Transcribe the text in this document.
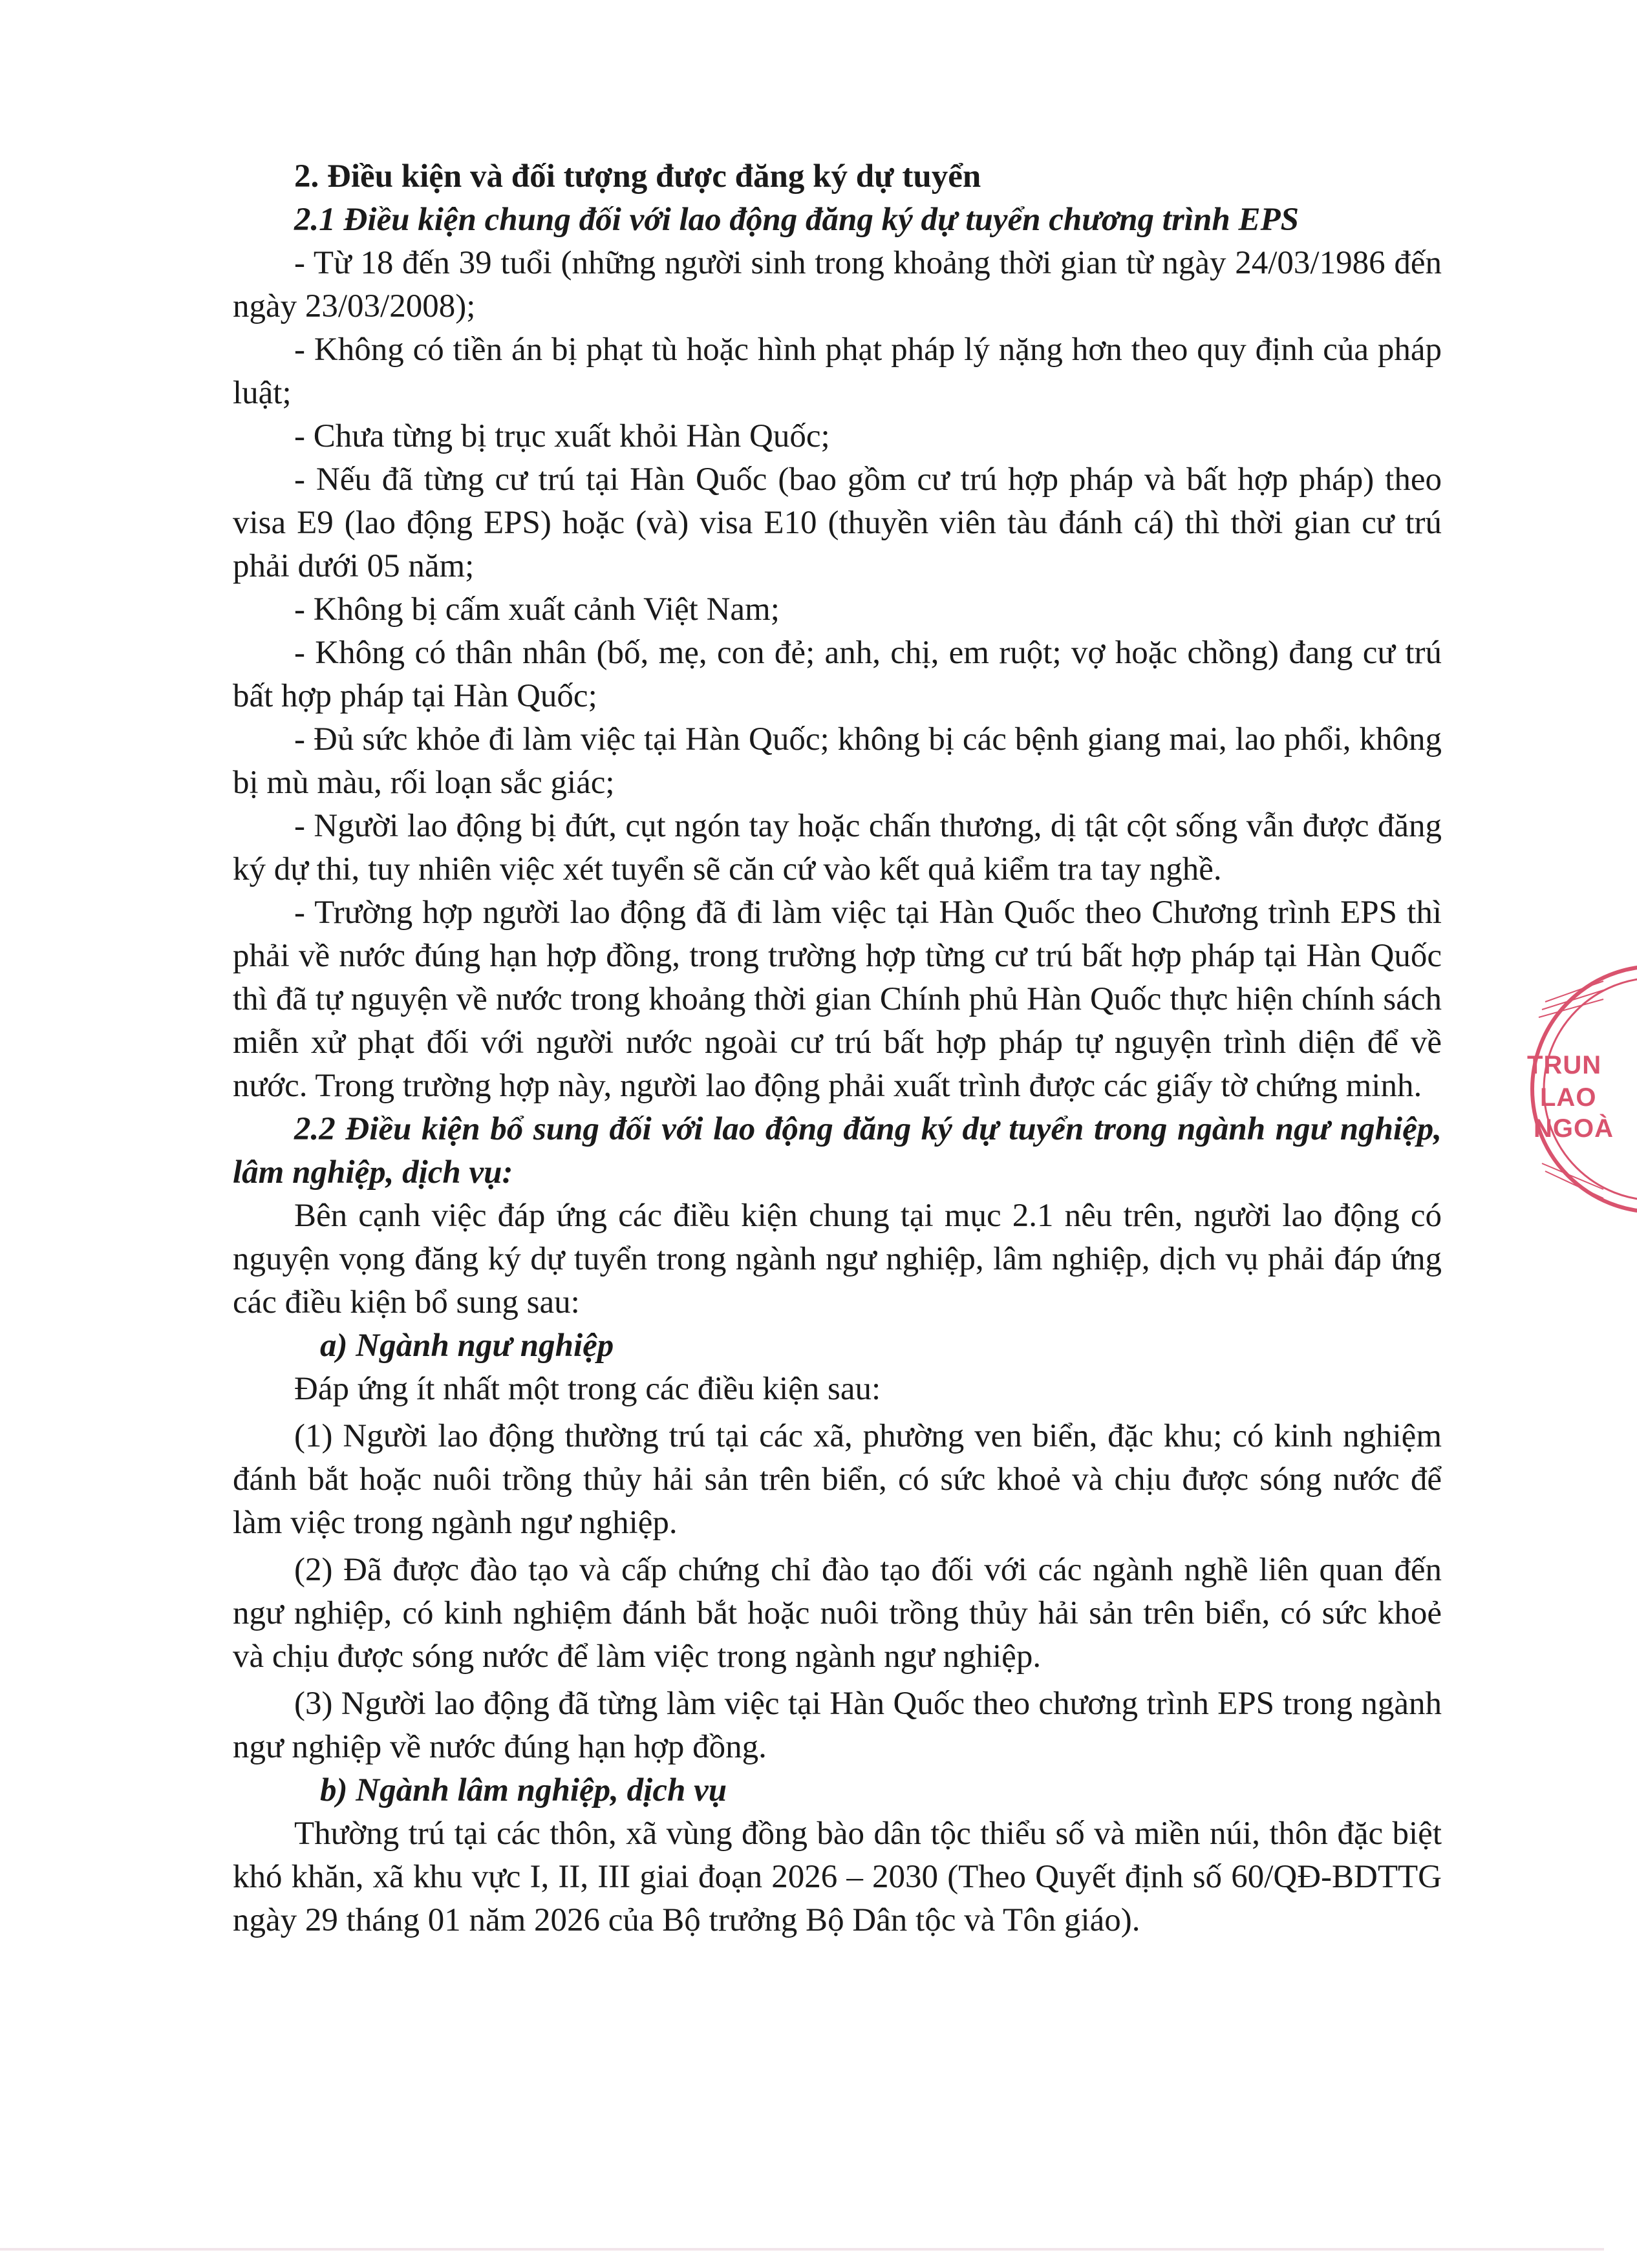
2. Điều kiện và đối tượng được đăng ký dự tuyển

2.1 Điều kiện chung đối với lao động đăng ký dự tuyển chương trình EPS

- Từ 18 đến 39 tuổi (những người sinh trong khoảng thời gian từ ngày 24/03/1986 đến ngày 23/03/2008);

- Không có tiền án bị phạt tù hoặc hình phạt pháp lý nặng hơn theo quy định của pháp luật;

- Chưa từng bị trục xuất khỏi Hàn Quốc;

- Nếu đã từng cư trú tại Hàn Quốc (bao gồm cư trú hợp pháp và bất hợp pháp) theo visa E9 (lao động EPS) hoặc (và) visa E10 (thuyền viên tàu đánh cá) thì thời gian cư trú phải dưới 05 năm;

- Không bị cấm xuất cảnh Việt Nam;

- Không có thân nhân (bố, mẹ, con đẻ; anh, chị, em ruột; vợ hoặc chồng) đang cư trú bất hợp pháp tại Hàn Quốc;

- Đủ sức khỏe đi làm việc tại Hàn Quốc; không bị các bệnh giang mai, lao phổi, không bị mù màu, rối loạn sắc giác;

- Người lao động bị đứt, cụt ngón tay hoặc chấn thương, dị tật cột sống vẫn được đăng ký dự thi, tuy nhiên việc xét tuyển sẽ căn cứ vào kết quả kiểm tra tay nghề.

- Trường hợp người lao động đã đi làm việc tại Hàn Quốc theo Chương trình EPS thì phải về nước đúng hạn hợp đồng, trong trường hợp từng cư trú bất hợp pháp tại Hàn Quốc thì đã tự nguyện về nước trong khoảng thời gian Chính phủ Hàn Quốc thực hiện chính sách miễn xử phạt đối với người nước ngoài cư trú bất hợp pháp tự nguyện trình diện để về nước. Trong trường hợp này, người lao động phải xuất trình được các giấy tờ chứng minh.

2.2 Điều kiện bổ sung đối với lao động đăng ký dự tuyển trong ngành ngư nghiệp, lâm nghiệp, dịch vụ:

Bên cạnh việc đáp ứng các điều kiện chung tại mục 2.1 nêu trên, người lao động có nguyện vọng đăng ký dự tuyển trong ngành ngư nghiệp, lâm nghiệp, dịch vụ phải đáp ứng các điều kiện bổ sung sau:

a) Ngành ngư nghiệp

Đáp ứng ít nhất một trong các điều kiện sau:

(1) Người lao động thường trú tại các xã, phường ven biển, đặc khu; có kinh nghiệm đánh bắt hoặc nuôi trồng thủy hải sản trên biển, có sức khoẻ và chịu được sóng nước để làm việc trong ngành ngư nghiệp.

(2) Đã được đào tạo và cấp chứng chỉ đào tạo đối với các ngành nghề liên quan đến ngư nghiệp, có kinh nghiệm đánh bắt hoặc nuôi trồng thủy hải sản trên biển, có sức khoẻ và chịu được sóng nước để làm việc trong ngành ngư nghiệp.

(3) Người lao động đã từng làm việc tại Hàn Quốc theo chương trình EPS trong ngành ngư nghiệp về nước đúng hạn hợp đồng.

b) Ngành lâm nghiệp, dịch vụ

Thường trú tại các thôn, xã vùng đồng bào dân tộc thiểu số và miền núi, thôn đặc biệt khó khăn, xã khu vực I, II, III giai đoạn 2026 – 2030 (Theo Quyết định số 60/QĐ-BDTTG ngày 29 tháng 01 năm 2026 của Bộ trưởng Bộ Dân tộc và Tôn giáo).

TRUN
LAO
NGOÀ
